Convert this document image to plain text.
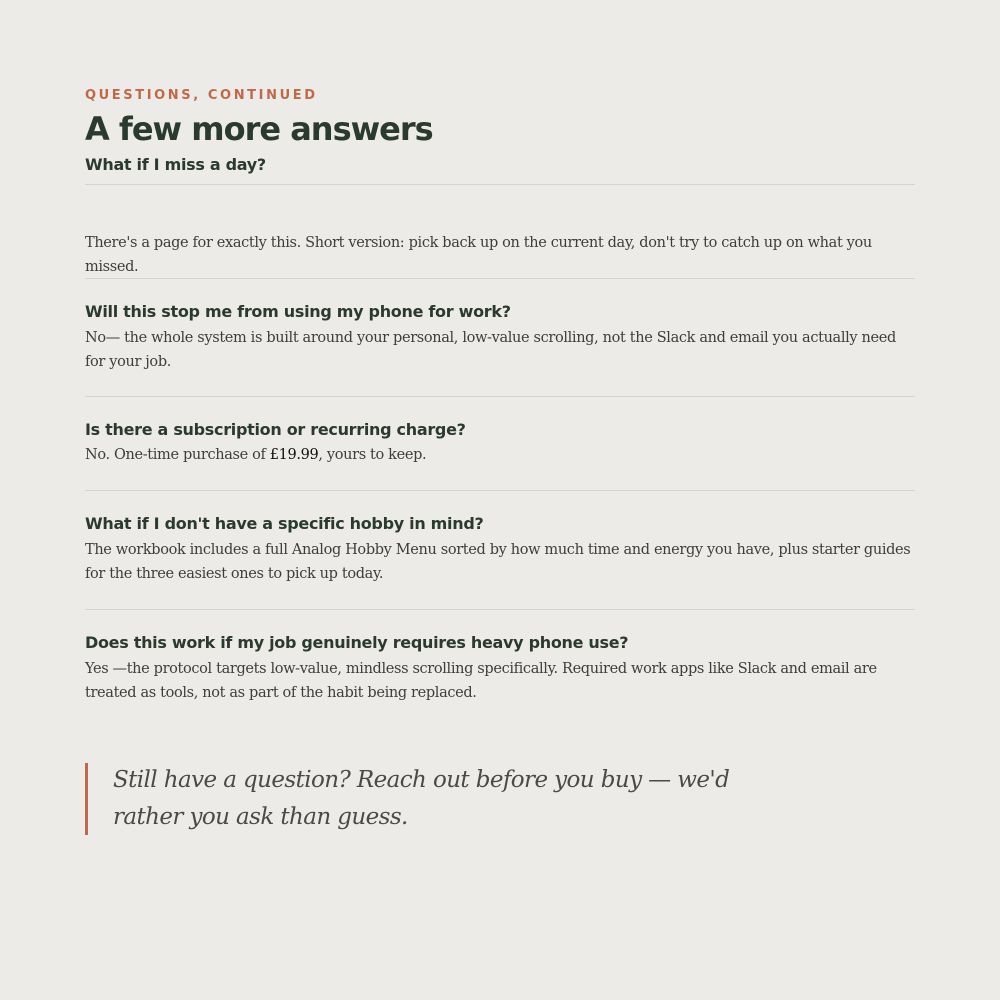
QUESTIONS, CONTINUED
A few more answers
What if I miss a day?

There's a page for exactly this. Short version: pick back up on the current day, don't try to catch up on what you missed.

Will this stop me from using my phone for work?

No— the whole system is built around your personal, low-value scrolling, not the Slack and email you actually need for your job.

Is there a subscription or recurring charge?

No. One-time purchase of £19.99, yours to keep.

What if I don't have a specific hobby in mind?

The workbook includes a full Analog Hobby Menu sorted by how much time and energy you have, plus starter guides for the three easiest ones to pick up today.

Does this work if my job genuinely requires heavy phone use?

Yes —the protocol targets low-value, mindless scrolling specifically. Required work apps like Slack and email are treated as tools, not as part of the habit being replaced.

Still have a question? Reach out before you buy — we'd rather you ask than guess.
